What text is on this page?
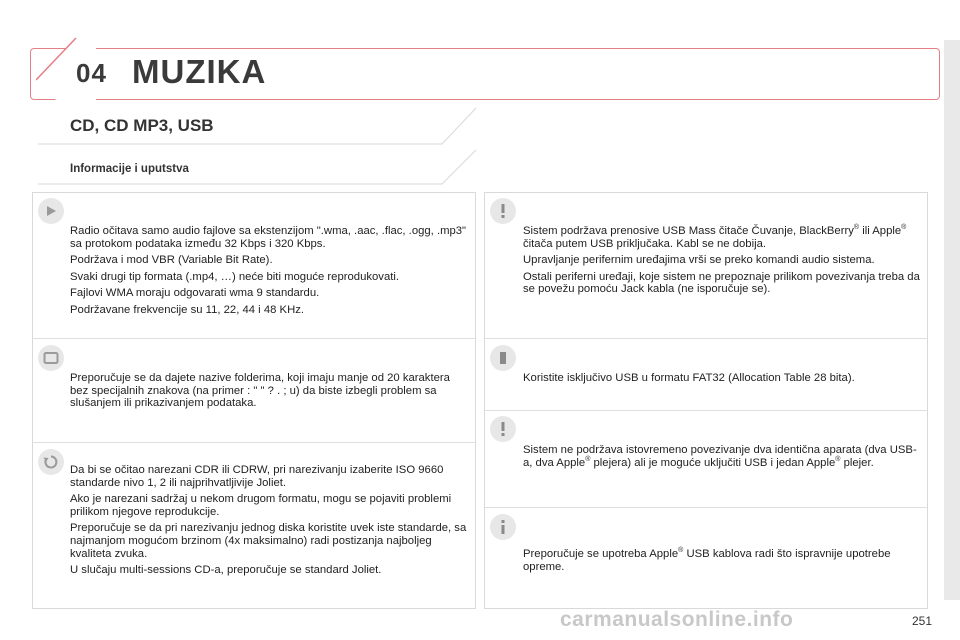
04 MUZIKA
CD, CD MP3, USB
Informacije i uputstva

Radio očitava samo audio fajlove sa ekstenzijom ".wma, .aac, .flac, .ogg, .mp3" sa protokom podataka između 32 Kbps i 320 Kbps.

Podržava i mod VBR (Variable Bit Rate).

Svaki drugi tip formata (.mp4, …) neće biti moguće reprodukovati.

Fajlovi WMA moraju odgovarati wma 9 standardu.

Podržavane frekvencije su 11, 22, 44 i 48 KHz.

Preporučuje se da dajete nazive folderima, koji imaju manje od 20 karaktera bez specijalnih znakova (na primer : " " ? . ; u) da biste izbegli problem sa slušanjem ili prikazivanjem podataka.

Da bi se očitao narezani CDR ili CDRW, pri narezivanju izaberite ISO 9660 standarde nivo 1, 2 ili najprihvatljivije Joliet.

Ako je narezani sadržaj u nekom drugom formatu, mogu se pojaviti problemi prilikom njegove reprodukcije.

Preporučuje se da pri narezivanju jednog diska koristite uvek iste standarde, sa najmanjom mogućom brzinom (4x maksimalno) radi postizanja najboljeg kvaliteta zvuka.

U slučaju multi-sessions CD-a, preporučuje se standard Joliet.

Sistem podržava prenosive USB Mass čitače Čuvanje, BlackBerry® ili Apple® čitača putem USB priključaka. Kabl se ne dobija.

Upravljanje perifernim uređajima vrši se preko komandi audio sistema.

Ostali periferni uređaji, koje sistem ne prepoznaje prilikom povezivanja treba da se povežu pomoću Jack kabla (ne isporučuje se).

Koristite isključivo USB u formatu FAT32 (Allocation Table 28 bita).

Sistem ne podržava istovremeno povezivanje dva identična aparata (dva USB-a, dva Apple® plejera) ali je moguće uključiti USB i jedan Apple® plejer.

Preporučuje se upotreba Apple® USB kablova radi što ispravnije upotrebe opreme.

carmanualsonline.info	251
